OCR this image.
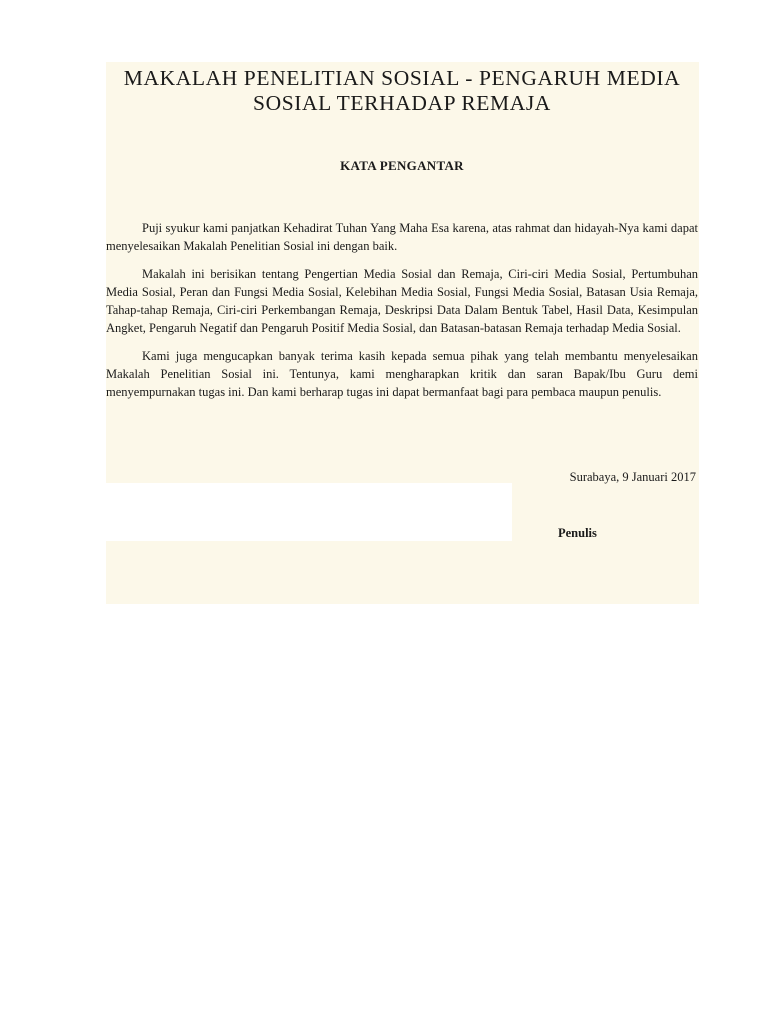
MAKALAH PENELITIAN SOSIAL - PENGARUH MEDIA SOSIAL TERHADAP REMAJA
KATA PENGANTAR

Puji syukur kami panjatkan Kehadirat Tuhan Yang Maha Esa karena, atas rahmat dan hidayah-Nya kami dapat menyelesaikan Makalah Penelitian Sosial ini dengan baik.

Makalah ini berisikan tentang Pengertian Media Sosial dan Remaja, Ciri-ciri Media Sosial, Pertumbuhan Media Sosial, Peran dan Fungsi Media Sosial, Kelebihan Media Sosial, Fungsi Media Sosial, Batasan Usia Remaja, Tahap-tahap Remaja, Ciri-ciri Perkembangan Remaja, Deskripsi Data Dalam Bentuk Tabel, Hasil Data, Kesimpulan Angket, Pengaruh Negatif dan Pengaruh Positif Media Sosial, dan Batasan-batasan Remaja terhadap Media Sosial.

Kami juga mengucapkan banyak terima kasih kepada semua pihak yang telah membantu menyelesaikan Makalah Penelitian Sosial ini. Tentunya, kami mengharapkan kritik dan saran Bapak/Ibu Guru demi menyempurnakan tugas ini. Dan kami berharap tugas ini dapat bermanfaat bagi para pembaca maupun penulis.

Surabaya, 9 Januari 2017
Penulis
